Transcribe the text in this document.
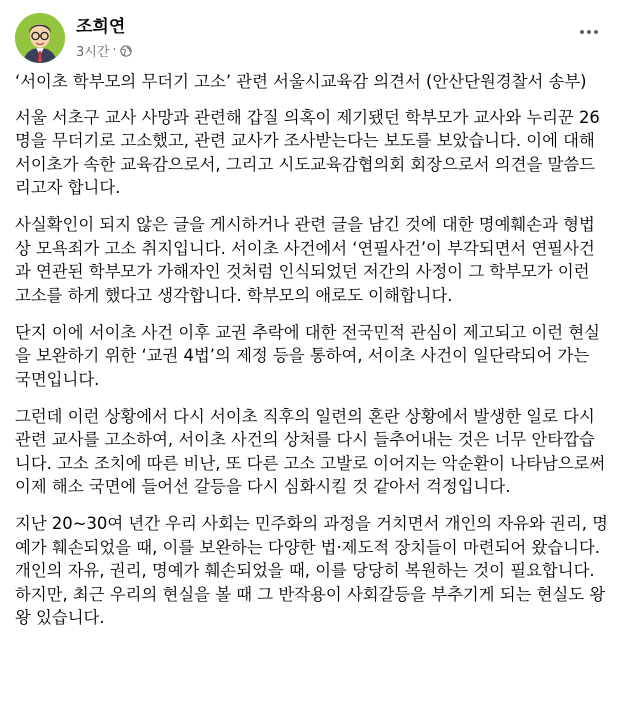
조희연
3시간 ·

‘서이초 학부모의 무더기 고소’ 관련 서울시교육감 의견서 (안산단원경찰서 송부)

서울 서초구 교사 사망과 관련해 갑질 의혹이 제기됐던 학부모가 교사와 누리꾼 26명을 무더기로 고소했고, 관련 교사가 조사받는다는 보도를 보았습니다. 이에 대해 서이초가 속한 교육감으로서, 그리고 시도교육감협의회 회장으로서 의견을 말씀드리고자 합니다.

사실확인이 되지 않은 글을 게시하거나 관련 글을 남긴 것에 대한 명예훼손과 형법상 모욕죄가 고소 취지입니다. 서이초 사건에서 ‘연필사건’이 부각되면서 연필사건과 연관된 학부모가 가해자인 것처럼 인식되었던 저간의 사정이 그 학부모가 이런 고소를 하게 했다고 생각합니다. 학부모의 애로도 이해합니다.

단지 이에 서이초 사건 이후 교권 추락에 대한 전국민적 관심이 제고되고 이런 현실을 보완하기 위한 ‘교권 4법’의 제정 등을 통하여, 서이초 사건이 일단락되어 가는 국면입니다.

그런데 이런 상황에서 다시 서이초 직후의 일련의 혼란 상황에서 발생한 일로 다시 관련 교사를 고소하여, 서이초 사건의 상처를 다시 들추어내는 것은 너무 안타깝습니다. 고소 조치에 따른 비난, 또 다른 고소 고발로 이어지는 악순환이 나타남으로써 이제 해소 국면에 들어선 갈등을 다시 심화시킬 것 같아서 걱정입니다.

지난 20~30여 년간 우리 사회는 민주화의 과정을 거치면서 개인의 자유와 권리, 명예가 훼손되었을 때, 이를 보완하는 다양한 법·제도적 장치들이 마련되어 왔습니다. 개인의 자유, 권리, 명예가 훼손되었을 때, 이를 당당히 복원하는 것이 필요합니다. 하지만, 최근 우리의 현실을 볼 때 그 반작용이 사회갈등을 부추기게 되는 현실도 왕왕 있습니다.
